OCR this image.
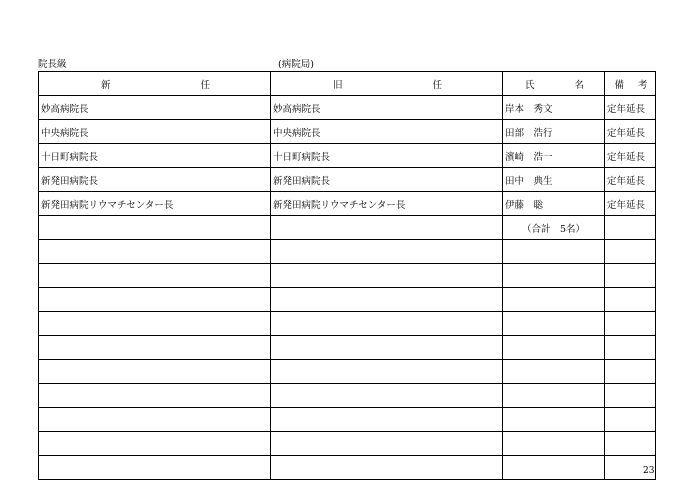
院長級	(病院局)
新 任	旧 任	氏 名	備 考
妙高病院長	妙高病院長	岸本　秀文	定年延長
中央病院長	中央病院長	田部　浩行	定年延長
十日町病院長	十日町病院長	濱崎　浩一	定年延長
新発田病院長	新発田病院長	田中　典生	定年延長
新発田病院リウマチセンター長	新発田病院リウマチセンター長	伊藤　聡	定年延長
		（合計　5名）	

23
